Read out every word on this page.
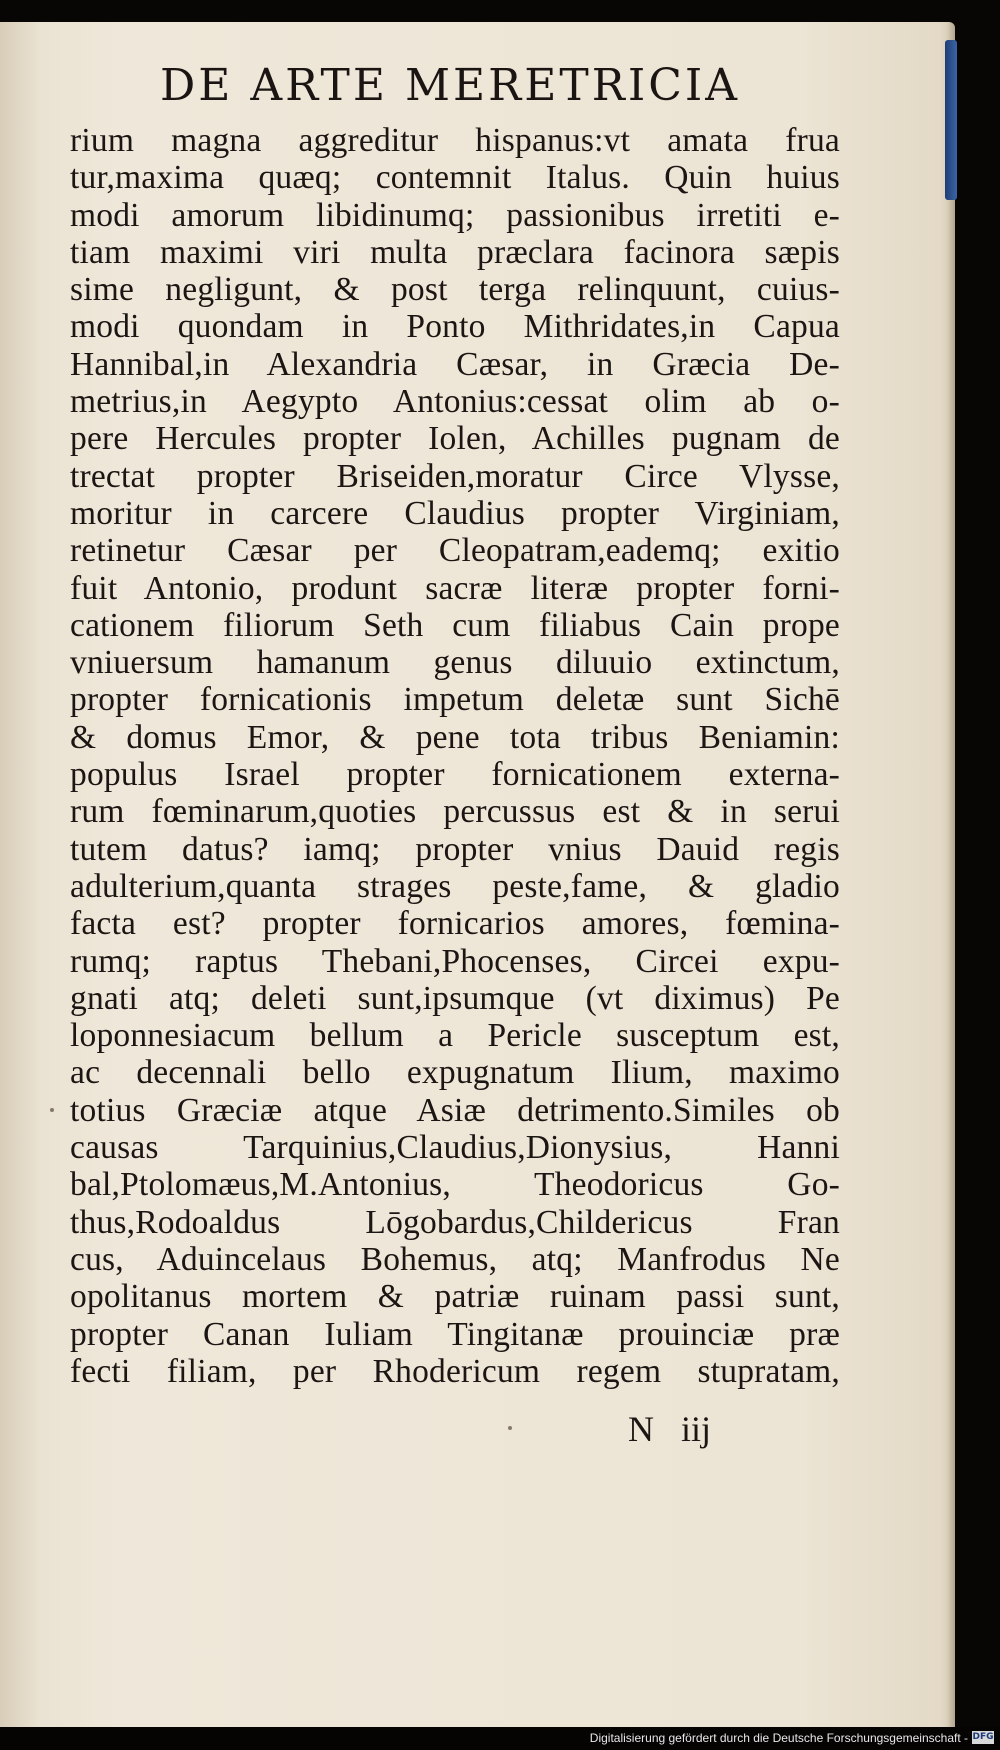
DE ARTE MERETRICIA
rium magna aggreditur hispanus:vt amata frua
tur,maxima quæq; contemnit Italus. Quin huius
modi amorum libidinumq; passionibus irretiti e-
tiam maximi viri multa præclara facinora sæpis
sime negligunt, & post terga relinquunt, cuius-
modi quondam in Ponto Mithridates,in Capua
Hannibal,in Alexandria Cæsar, in Græcia De-
metrius,in Aegypto Antonius:cessat olim ab o-
pere Hercules propter Iolen, Achilles pugnam de
trectat propter Briseiden,moratur Circe Vlysse,
moritur in carcere Claudius propter Virginiam,
retinetur Cæsar per Cleopatram,eademq; exitio
fuit Antonio, produnt sacræ literæ propter forni-
cationem filiorum Seth cum filiabus Cain prope
vniuersum hamanum genus diluuio extinctum,
propter fornicationis impetum deletæ sunt Sichē
& domus Emor, & pene tota tribus Beniamin:
populus Israel propter fornicationem externa-
rum fœminarum,quoties percussus est & in serui
tutem datus? iamq; propter vnius Dauid regis
adulterium,quanta strages peste,fame, & gladio
facta est? propter fornicarios amores, fœmina-
rumq; raptus Thebani,Phocenses, Circei expu-
gnati atq; deleti sunt,ipsumque (vt diximus) Pe
loponnesiacum bellum a Pericle susceptum est,
ac decennali bello expugnatum Ilium, maximo
totius Græciæ atque Asiæ detrimento.Similes ob
causas Tarquinius,Claudius,Dionysius, Hanni
bal,Ptolomæus,M.Antonius, Theodoricus Go-
thus,Rodoaldus Lōgobardus,Childericus Fran
cus, Aduincelaus Bohemus, atq; Manfrodus Ne
opolitanus mortem & patriæ ruinam passi sunt,
propter Canan Iuliam Tingitanæ prouinciæ præ
fecti filiam, per Rhodericum regem stupratam,
N iij
Digitalisierung gefördert durch die Deutsche Forschungsgemeinschaft - DFG
